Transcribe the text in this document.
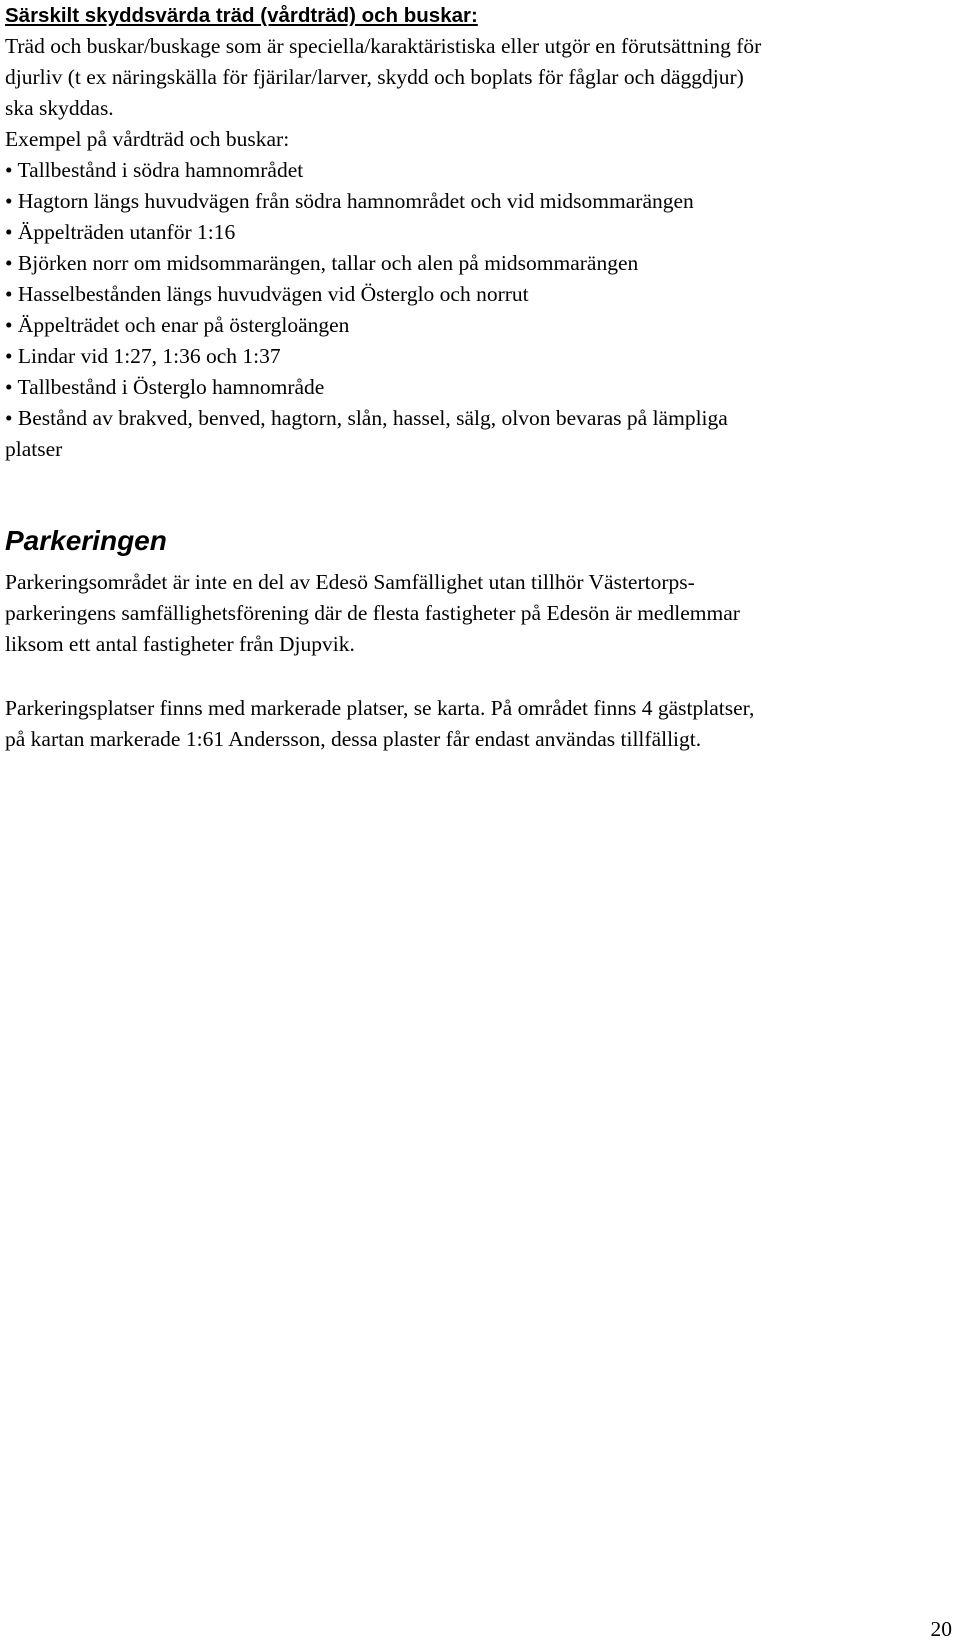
Särskilt skyddsvärda träd (vårdträd) och buskar:

Träd och buskar/buskage som är speciella/karaktäristiska eller utgör en förutsättning för
djurliv (t ex näringskälla för fjärilar/larver, skydd och boplats för fåglar och däggdjur)
ska skyddas.

Exempel på vårdträd och buskar:

• Tallbestånd i södra hamnområdet
• Hagtorn längs huvudvägen från södra hamnområdet och vid midsommarängen
• Äppelträden utanför 1:16
• Björken norr om midsommarängen, tallar och alen på midsommarängen
• Hasselbestånden längs huvudvägen vid Österglo och norrut
• Äppelträdet och enar på östergloängen
• Lindar vid 1:27, 1:36 och 1:37
• Tallbestånd i Österglo hamnområde
• Bestånd av brakved, benved, hagtorn, slån, hassel, sälg, olvon bevaras på lämpliga
platser
Parkeringen

Parkeringsområdet är inte en del av Edesö Samfällighet utan tillhör Västertorps-
parkeringens samfällighetsförening där de flesta fastigheter på Edesön är medlemmar
liksom ett antal fastigheter från Djupvik.

Parkeringsplatser finns med markerade platser, se karta. På området finns 4 gästplatser,
på kartan markerade 1:61 Andersson, dessa plaster får endast användas tillfälligt.

20
